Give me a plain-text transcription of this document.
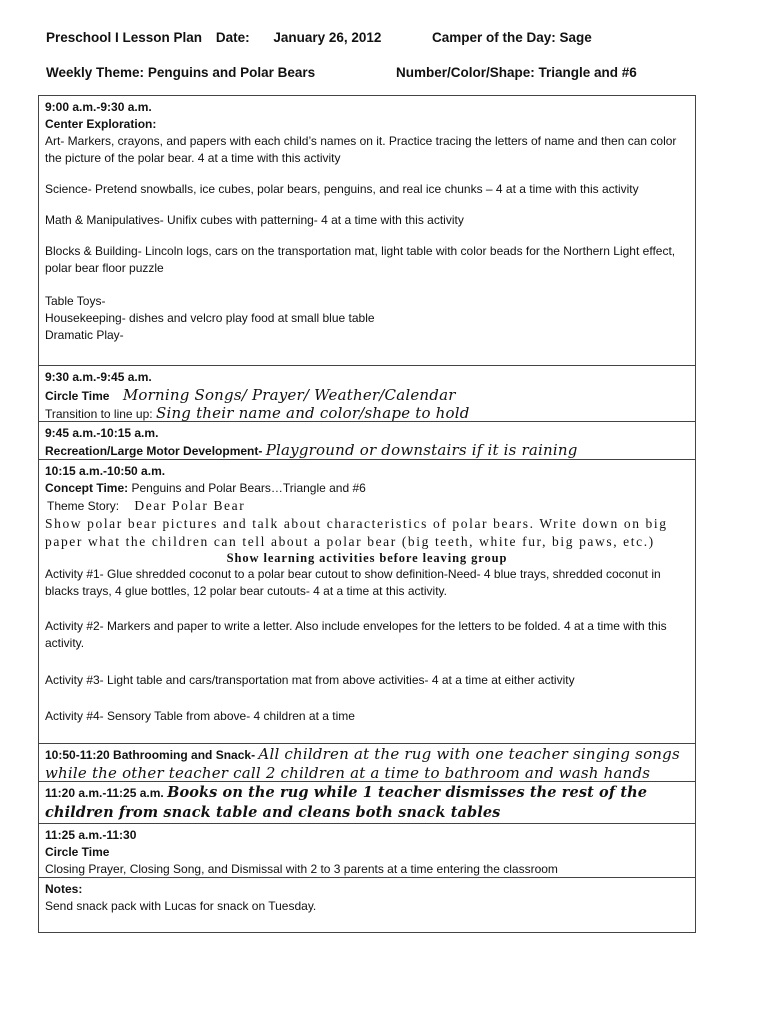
Preschool I Lesson Plan Date: January 26, 2012	Camper of the Day: Sage
Weekly Theme: Penguins and Polar Bears	Number/Color/Shape: Triangle and #6
9:00 a.m.-9:30 a.m.
Center Exploration:
Art- Markers, crayons, and papers with each child’s names on it. Practice tracing the letters of name and then can color the picture of the polar bear. 4 at a time with this activity
Science- Pretend snowballs, ice cubes, polar bears, penguins, and real ice chunks – 4 at a time with this activity
Math & Manipulatives- Unifix cubes with patterning- 4 at a time with this activity
Blocks & Building- Lincoln logs, cars on the transportation mat, light table with color beads for the Northern Light effect, polar bear floor puzzle
Table Toys-
Housekeeping- dishes and velcro play food at small blue table
Dramatic Play-
9:30 a.m.-9:45 a.m.
Circle Time Morning Songs/ Prayer/ Weather/Calendar
Transition to line up: Sing their name and color/shape to hold
9:45 a.m.-10:15 a.m.
Recreation/Large Motor Development- Playground or downstairs if it is raining
10:15 a.m.-10:50 a.m.
Concept Time: Penguins and Polar Bears…Triangle and #6
Theme Story: Dear Polar Bear
Show polar bear pictures and talk about characteristics of polar bears. Write down on big paper what the children can tell about a polar bear (big teeth, white fur, big paws, etc.)
Show learning activities before leaving group
Activity #1- Glue shredded coconut to a polar bear cutout to show definition-Need- 4 blue trays, shredded coconut in blacks trays, 4 glue bottles, 12 polar bear cutouts- 4 at a time at this activity.
Activity #2- Markers and paper to write a letter. Also include envelopes for the letters to be folded. 4 at a time with this activity.
Activity #3- Light table and cars/transportation mat from above activities- 4 at a time at either activity
Activity #4- Sensory Table from above- 4 children at a time
10:50-11:20 Bathrooming and Snack- All children at the rug with one teacher singing songs while the other teacher call 2 children at a time to bathroom and wash hands
11:20 a.m.-11:25 a.m. Books on the rug while 1 teacher dismisses the rest of the children from snack table and cleans both snack tables
11:25 a.m.-11:30
Circle Time
Closing Prayer, Closing Song, and Dismissal with 2 to 3 parents at a time entering the classroom
Notes:
Send snack pack with Lucas for snack on Tuesday.
